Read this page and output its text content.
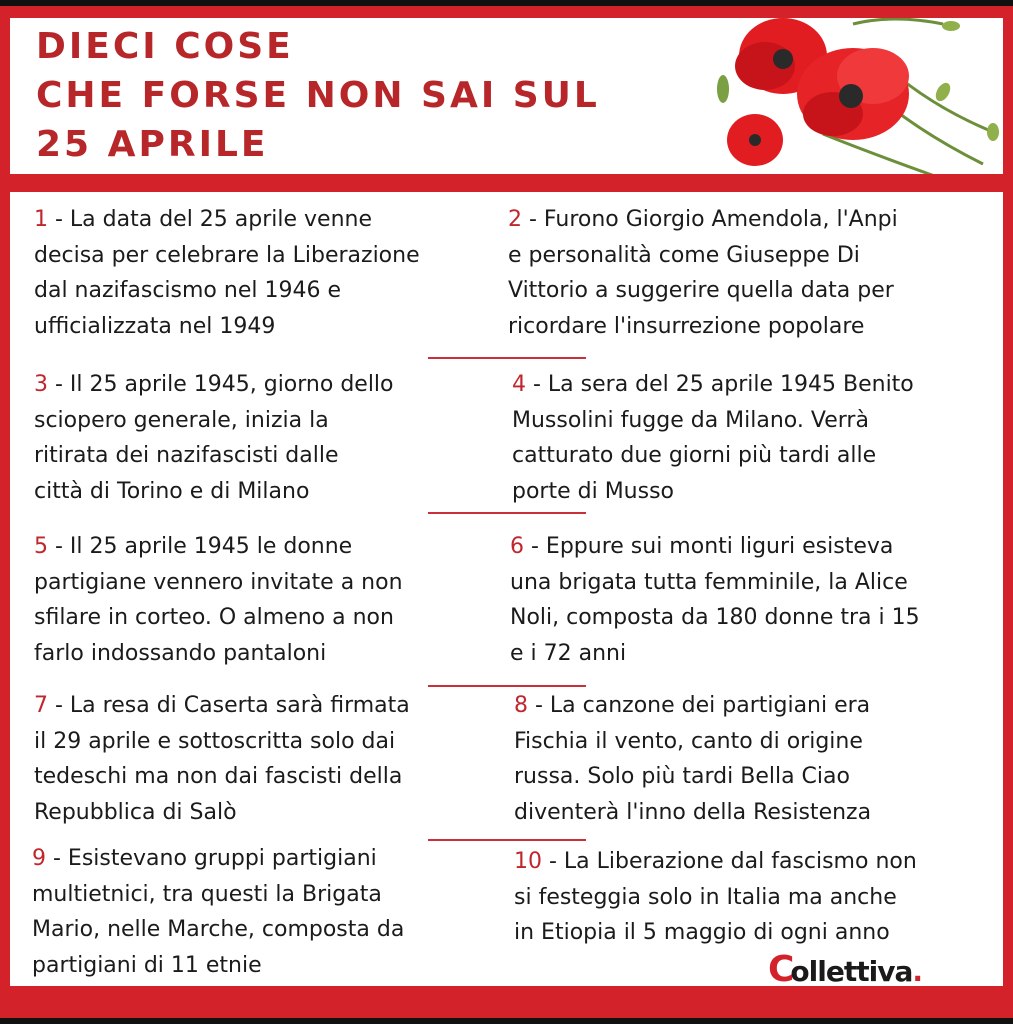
DIECI COSE
CHE FORSE NON SAI SUL
25 APRILE

1 - La data del 25 aprile venne
decisa per celebrare la Liberazione
dal nazifascismo nel 1946 e
ufficializzata nel 1949

2 - Furono Giorgio Amendola, l'Anpi
e personalità come Giuseppe Di
Vittorio a suggerire quella data per
ricordare l'insurrezione popolare

3 - Il 25 aprile 1945, giorno dello
sciopero generale, inizia la
ritirata dei nazifascisti dalle
città di Torino e di Milano

4 - La sera del 25 aprile 1945 Benito
Mussolini fugge da Milano. Verrà
catturato due giorni più tardi alle
porte di Musso

5 - Il 25 aprile 1945 le donne
partigiane vennero invitate a non
sfilare in corteo. O almeno a non
farlo indossando pantaloni

6 - Eppure sui monti liguri esisteva
una brigata tutta femminile, la Alice
Noli, composta da 180 donne tra i 15
e i 72 anni

7 - La resa di Caserta sarà firmata
il 29 aprile e sottoscritta solo dai
tedeschi ma non dai fascisti della
Repubblica di Salò

8 - La canzone dei partigiani era
Fischia il vento, canto di origine
russa. Solo più tardi Bella Ciao
diventerà l'inno della Resistenza

9 - Esistevano gruppi partigiani
multietnici, tra questi la Brigata
Mario, nelle Marche, composta da
partigiani di 11 etnie

10 - La Liberazione dal fascismo non
si festeggia solo in Italia ma anche
in Etiopia il 5 maggio di ogni anno

Collettiva.
